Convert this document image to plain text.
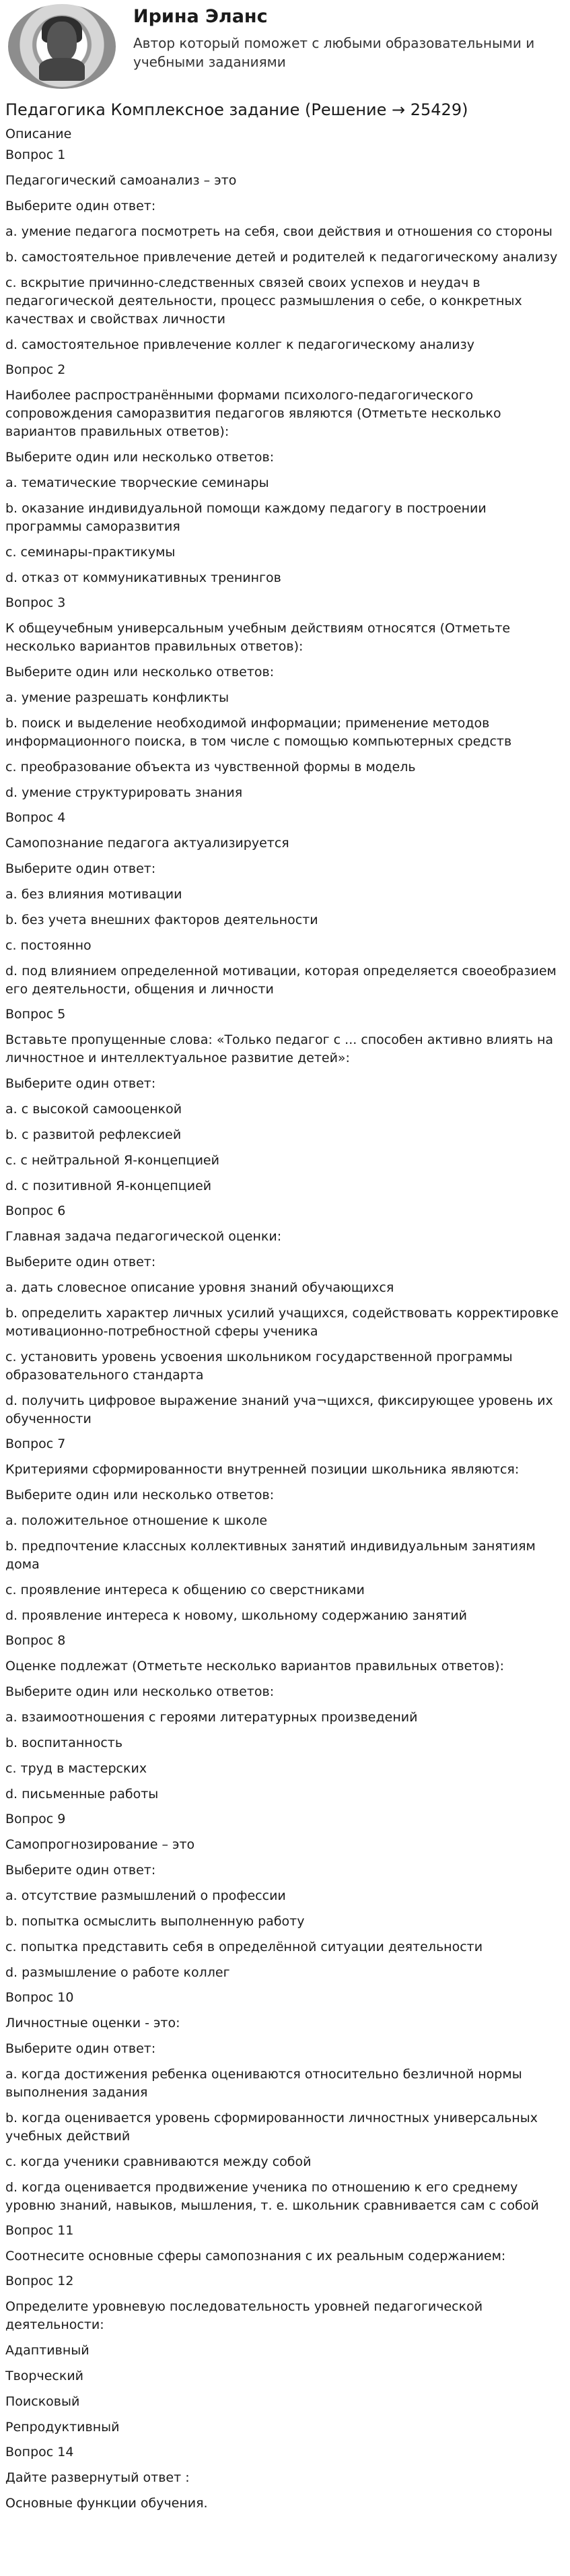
Ирина Эланс
Автор который поможет с любыми образовательными и учебными заданиями
Педагогика Комплексное задание (Решение → 25429)
Описание

Вопрос 1

Педагогический самоанализ – это

Выберите один ответ:

a. умение педагога посмотреть на себя, свои действия и отношения со стороны

b. самостоятельное привлечение детей и родителей к педагогическому анализу

c. вскрытие причинно-следственных связей своих успехов и неудач в педагогической деятельности, процесс размышления о себе, о конкретных качествах и свойствах личности

d. самостоятельное привлечение коллег к педагогическому анализу

Вопрос 2

Наиболее распространёнными формами психолого-педагогического сопровождения саморазвития педагогов являются (Отметьте несколько вариантов правильных ответов):

Выберите один или несколько ответов:

a. тематические творческие семинары

b. оказание индивидуальной помощи каждому педагогу в построении программы саморазвития

c. семинары-практикумы

d. отказ от коммуникативных тренингов

Вопрос 3

К общеучебным универсальным учебным действиям относятся (Отметьте несколько вариантов правильных ответов):

Выберите один или несколько ответов:

a. умение разрешать конфликты

b. поиск и выделение необходимой информации; применение методов информационного поиска, в том числе с помощью компьютерных средств

c. преобразование объекта из чувственной формы в модель

d. умение структурировать знания

Вопрос 4

Самопознание педагога актуализируется

Выберите один ответ:

a. без влияния мотивации

b. без учета внешних факторов деятельности

c. постоянно

d. под влиянием определенной мотивации, которая определяется своеобразием его деятельности, общения и личности

Вопрос 5

Вставьте пропущенные слова: «Только педагог с ... способен активно влиять на личностное и интеллектуальное развитие детей»:

Выберите один ответ:

a. с высокой самооценкой

b. с развитой рефлексией

c. с нейтральной Я-концепцией

d. с позитивной Я-концепцией

Вопрос 6

Главная задача педагогической оценки:

Выберите один ответ:

a. дать словесное описание уровня знаний обучающихся

b. определить характер личных усилий учащихся, содействовать корректировке мотивационно-потребностной сферы ученика

c. установить уровень усвоения школьником государственной программы образовательного стандарта

d. получить цифровое выражение знаний уча¬щихся, фиксирующее уровень их обученности

Вопрос 7

Критериями сформированности внутренней позиции школьника являются:

Выберите один или несколько ответов:

a. положительное отношение к школе

b. предпочтение классных коллективных занятий индивидуальным занятиям дома

c. проявление интереса к общению со сверстниками

d. проявление интереса к новому, школьному содержанию занятий

Вопрос 8

Оценке подлежат (Отметьте несколько вариантов правильных ответов):

Выберите один или несколько ответов:

a. взаимоотношения с героями литературных произведений

b. воспитанность

c. труд в мастерских

d. письменные работы

Вопрос 9

Самопрогнозирование – это

Выберите один ответ:

a. отсутствие размышлений о профессии

b. попытка осмыслить выполненную работу

c. попытка представить себя в определённой ситуации деятельности

d. размышление о работе коллег

Вопрос 10

Личностные оценки - это:

Выберите один ответ:

a. когда достижения ребенка оцениваются относительно безличной нормы выполнения задания

b. когда оценивается уровень сформированности личностных универсальных учебных действий

c. когда ученики сравниваются между собой

d. когда оценивается продвижение ученика по отношению к его среднему уровню знаний, навыков, мышления, т. е. школьник сравнивается сам с собой

Вопрос 11

Соотнесите основные сферы самопознания с их реальным содержанием:

Вопрос 12

Определите уровневую последовательность уровней педагогической деятельности:

Адаптивный

Творческий

Поисковый

Репродуктивный

Вопрос 14

Дайте развернутый ответ :

Основные функции обучения.
